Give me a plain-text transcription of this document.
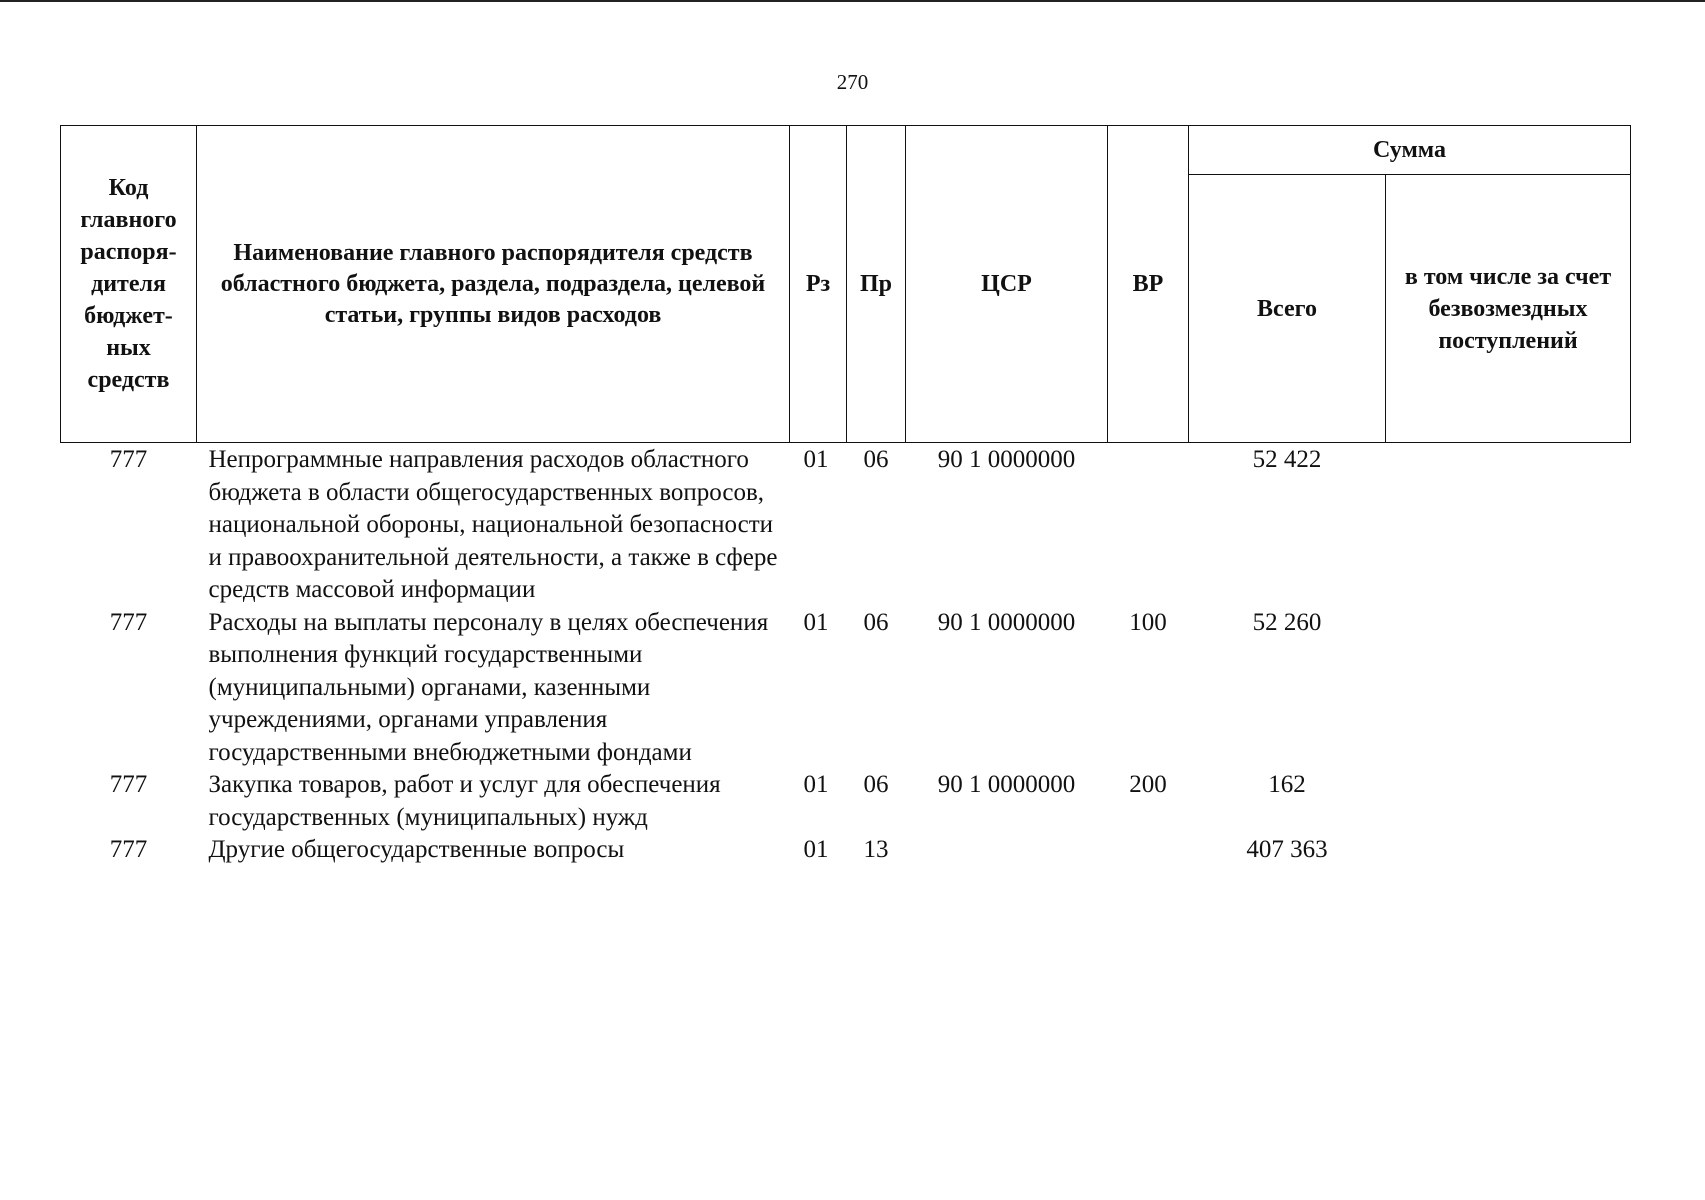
270
Код главного распоря-дителя бюджет-ных средств	Наименование главного распорядителя средств областного бюджета, раздела, подраздела, целевой статьи, группы видов расходов	Рз	Пр	ЦСР	ВР	Сумма	
						Всего	в том числе за счет безвозмездных поступлений
777	Непрограммные направления расходов областного бюджета в области общегосударственных вопросов, национальной обороны, национальной безопасности и правоохранительной деятельности, а также в сфере средств массовой информации	01	06	90 1 0000000		52 422	
777	Расходы на выплаты персоналу в целях обеспечения выполнения функций государственными (муниципальными) органами, казенными учреждениями, органами управления государственными внебюджетными фондами	01	06	90 1 0000000	100	52 260	
777	Закупка товаров, работ и услуг для обеспечения государственных (муниципальных) нужд	01	06	90 1 0000000	200	162	
777	Другие общегосударственные вопросы	01	13			407 363	
